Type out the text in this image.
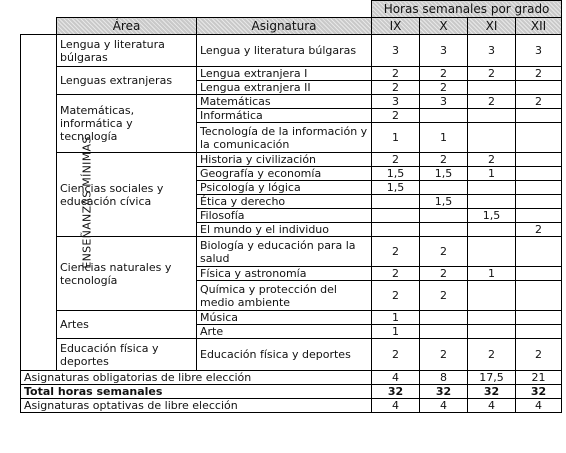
			Horas semanales por grado			
	Área	Asignatura	IX	X	XI	XII
ENSEÑANZAS MÍNIMAS	Lengua y literatura búlgaras	Lengua y literatura búlgaras	3	3	3	3
	Lenguas extranjeras	Lengua extranjera I	2	2	2	2
		Lengua extranjera II	2	2		
	Matemáticas, informática y tecnología	Matemáticas	3	3	2	2
		Informática	2			
		Tecnología de la información y la comunicación	1	1		
	Ciencias sociales y educación cívica	Historia y civilización	2	2	2	
		Geografía y economía	1,5	1,5	1	
		Psicología y lógica	1,5			
		Ética y derecho		1,5		
		Filosofía			1,5	
		El mundo y el individuo				2
	Ciencias naturales y tecnología	Biología y educación para la salud	2	2		
		Física y astronomía	2	2	1	
		Química y protección del medio ambiente	2	2		
	Artes	Música	1			
		Arte	1			
	Educación física y deportes	Educación física y deportes	2	2	2	2
Asignaturas obligatorias de libre elección			4	8	17,5	21
Total horas semanales			32	32	32	32
Asignaturas optativas de libre elección			4	4	4	4
